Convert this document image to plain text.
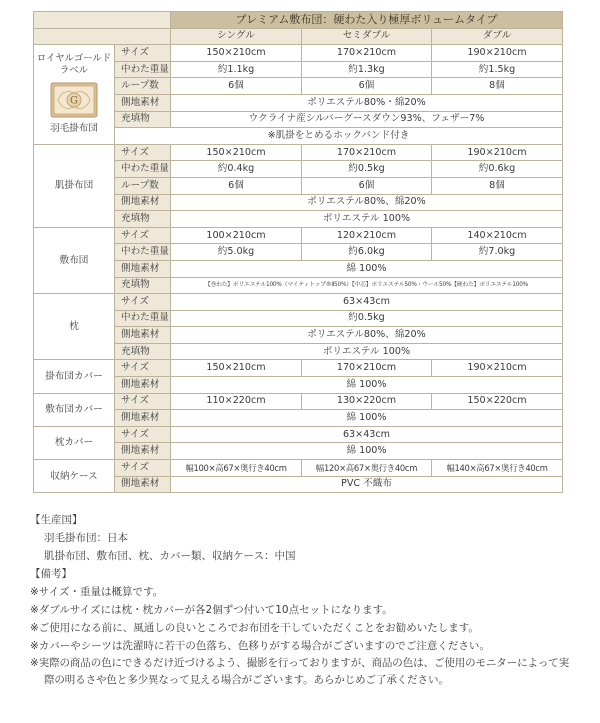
		プレミアム敷布団：硬わた入り極厚ボリュームタイプ		
		シングル	セミダブル	ダブル

ロイヤルゴールドラベル
G
羽毛掛布団	サイズ	150×210cm	170×210cm	190×210cm
	中わた重量	約1.1kg	約1.3kg	約1.5kg
	ループ数	6個	6個	8個
	側地素材	ポリエステル80%・綿20%		
	充填物	ウクライナ産シルバーグースダウン93%、フェザー7%		
	※肌掛をとめるホックバンド付き			
肌掛布団	サイズ	150×210cm	170×210cm	190×210cm
	中わた重量	約0.4kg	約0.5kg	約0.6kg
	ループ数	6個	6個	8個
	側地素材	ポリエステル80%、綿20%		
	充填物	ポリエステル 100%		
敷布団	サイズ	100×210cm	120×210cm	140×210cm
	中わた重量	約5.0kg	約6.0kg	約7.0kg
	側地素材	綿 100%		
	充填物	【巻わた】ポリエステル100%（マイティトップ®Ⅱ50%）【中芯】ポリエステル50%・ウール50%【硬わた】ポリエステル100%		
枕	サイズ	63×43cm		
	中わた重量	約0.5kg		
	側地素材	ポリエステル80%、綿20%		
	充填物	ポリエステル 100%		
掛布団カバー	サイズ	150×210cm	170×210cm	190×210cm
	側地素材	綿 100%		
敷布団カバー	サイズ	110×220cm	130×220cm	150×220cm
	側地素材	綿 100%		
枕カバー	サイズ	63×43cm		
	側地素材	綿 100%		
収納ケース	サイズ	幅100×高67×奥行き40cm	幅120×高67×奥行き40cm	幅140×高67×奥行き40cm
	側地素材	PVC 不織布		
【生産国】
羽毛掛布団：日本
肌掛布団、敷布団、枕、カバー類、収納ケース：中国
【備考】
※サイズ・重量は概算です。
※ダブルサイズには枕・枕カバーが各2個ずつ付いて10点セットになります。
※ご使用になる前に、風通しの良いところでお布団を干していただくことをお勧めいたします。
※カバーやシーツは洗濯時に若干の色落ち、色移りがする場合がございますのでご注意ください。
※実際の商品の色にできるだけ近づけるよう、撮影を行っておりますが、商品の色は、ご使用のモニターによって実際の明るさや色と多少異なって見える場合がございます。あらかじめご了承ください。
